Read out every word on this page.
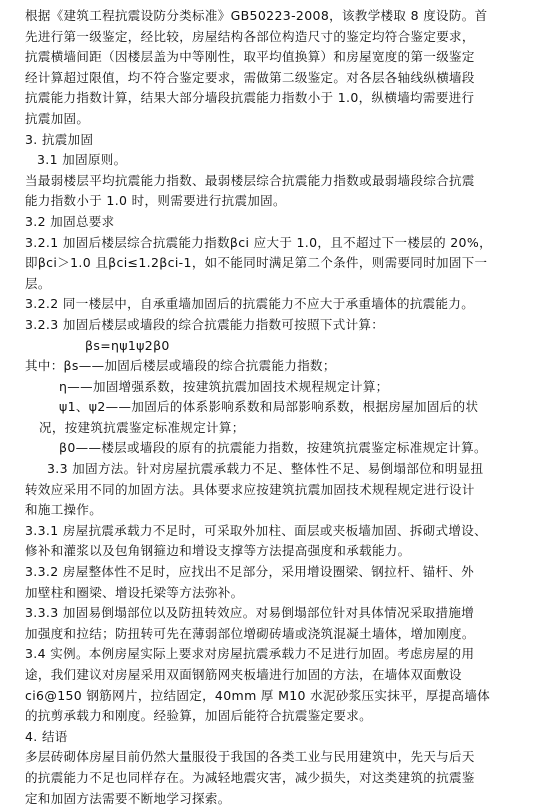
根据《建筑工程抗震设防分类标准》GB50223-2008，该教学楼取 8 度设防。首
先进行第一级鉴定，经比较，房屋结构各部位构造尺寸的鉴定均符合鉴定要求，
抗震横墙间距（因楼层盖为中等刚性，取平均值换算）和房屋宽度的第一级鉴定
经计算超过限值，均不符合鉴定要求，需做第二级鉴定。对各层各轴线纵横墙段
抗震能力指数计算，结果大部分墙段抗震能力指数小于 1.0，纵横墙均需要进行
抗震加固。
3. 抗震加固
3.1 加固原则。
当最弱楼层平均抗震能力指数、最弱楼层综合抗震能力指数或最弱墙段综合抗震
能力指数小于 1.0 时，则需要进行抗震加固。
3.2 加固总要求
3.2.1 加固后楼层综合抗震能力指数βci 应大于 1.0，且不超过下一楼层的 20%，
即βci＞1.0 且βci≤1.2βci-1，如不能同时满足第二个条件，则需要同时加固下一
层。
3.2.2 同一楼层中，自承重墙加固后的抗震能力不应大于承重墙体的抗震能力。
3.2.3 加固后楼层或墙段的综合抗震能力指数可按照下式计算：
βs=ηψ1ψ2β0
其中：βs——加固后楼层或墙段的综合抗震能力指数；
η——加固增强系数，按建筑抗震加固技术规程规定计算；
ψ1、ψ2——加固后的体系影响系数和局部影响系数，根据房屋加固后的状
况，按建筑抗震鉴定标准规定计算；
β0——楼层或墙段的原有的抗震能力指数，按建筑抗震鉴定标准规定计算。
3.3 加固方法。针对房屋抗震承载力不足、整体性不足、易倒塌部位和明显扭
转效应采用不同的加固方法。具体要求应按建筑抗震加固技术规程规定进行设计
和施工操作。
3.3.1 房屋抗震承载力不足时，可采取外加柱、面层或夹板墙加固、拆砌式增设、
修补和灌浆以及包角钢箍边和增设支撑等方法提高强度和承载能力。
3.3.2 房屋整体性不足时，应找出不足部分，采用增设圈梁、钢拉杆、锚杆、外
加壁柱和圈梁、增设托梁等方法弥补。
3.3.3 加固易倒塌部位以及防扭转效应。对易倒塌部位针对具体情况采取措施增
加强度和拉结；防扭转可先在薄弱部位增砌砖墙或浇筑混凝土墙体，增加刚度。
3.4 实例。本例房屋实际上要求对房屋抗震承载力不足进行加固。考虑房屋的用
途，我们建议对房屋采用双面钢筋网夹板墙进行加固的方法，在墙体双面敷设
ci6@150 钢筋网片，拉结固定，40mm 厚 M10 水泥砂浆压实抹平，厚提高墙体
的抗剪承载力和刚度。经验算，加固后能符合抗震鉴定要求。
4. 结语
多层砖砌体房屋目前仍然大量服役于我国的各类工业与民用建筑中，先天与后天
的抗震能力不足也同样存在。为减轻地震灾害，减少损失，对这类建筑的抗震鉴
定和加固方法需要不断地学习探索。
